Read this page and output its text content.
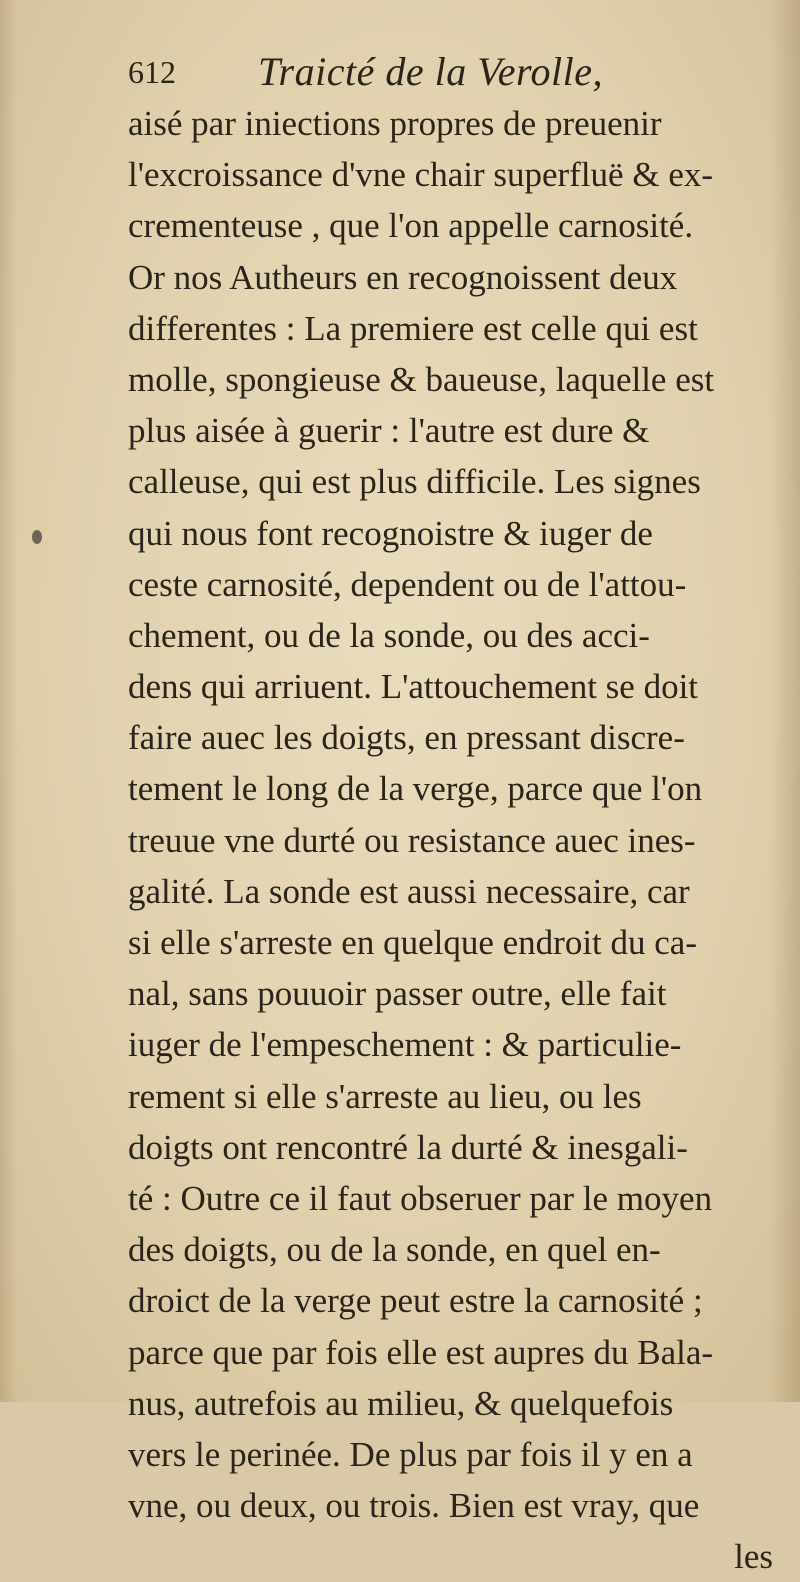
612 Traicté de la Verolle,
aisé par iniections propres de preuenir
l'excroissance d'vne chair superfluë & ex-
crementeuse , que l'on appelle carnosité.
Or nos Autheurs en recognoissent deux
differentes : La premiere est celle qui est
molle, spongieuse & baueuse, laquelle est
plus aisée à guerir : l'autre est dure &
calleuse, qui est plus difficile. Les signes
qui nous font recognoistre & iuger de
ceste carnosité, dependent ou de l'attou-
chement, ou de la sonde, ou des acci-
dens qui arriuent. L'attouchement se doit
faire auec les doigts, en pressant discre-
tement le long de la verge, parce que l'on
treuue vne durté ou resistance auec ines-
galité. La sonde est aussi necessaire, car
si elle s'arreste en quelque endroit du ca-
nal, sans pouuoir passer outre, elle fait
iuger de l'empeschement : & particulie-
rement si elle s'arreste au lieu, ou les
doigts ont rencontré la durté & inesgali-
té : Outre ce il faut obseruer par le moyen
des doigts, ou de la sonde, en quel en-
droict de la verge peut estre la carnosité ;
parce que par fois elle est aupres du Bala-
nus, autrefois au milieu, & quelquefois
vers le perinée. De plus par fois il y en a
vne, ou deux, ou trois. Bien est vray, que
les
